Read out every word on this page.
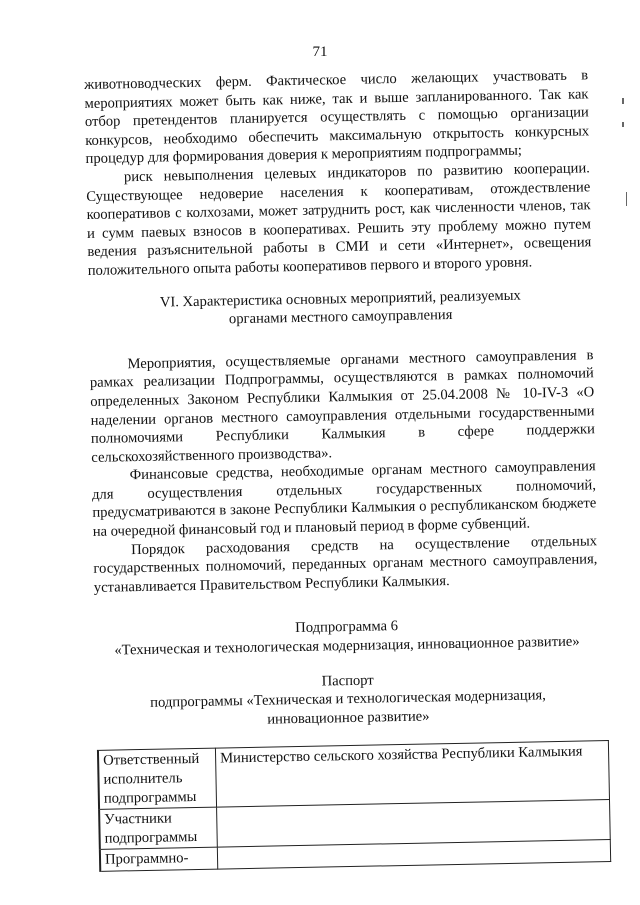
71

животноводческих ферм. Фактическое число желающих участвовать в мероприятиях может быть как ниже, так и выше запланированного. Так как отбор претендентов планируется осуществлять с помощью организации конкурсов, необходимо обеспечить максимальную открытость конкурсных процедур для формирования доверия к мероприятиям подпрограммы;

риск невыполнения целевых индикаторов по развитию кооперации. Существующее недоверие населения к кооперативам, отождествление кооперативов с колхозами, может затруднить рост, как численности членов, так и сумм паевых взносов в кооперативах. Решить эту проблему можно путем ведения разъяснительной работы в СМИ и сети «Интернет», освещения положительного опыта работы кооперативов первого и второго уровня.

VI. Характеристика основных мероприятий, реализуемых

органами местного самоуправления

Мероприятия, осуществляемые органами местного самоуправления в рамках реализации Подпрограммы, осуществляются в рамках полномочий определенных Законом Республики Калмыкия от 25.04.2008 № 10-IV-З «О наделении органов местного самоуправления отдельными государственными полномочиями Республики Калмыкия в сфере поддержки сельскохозяйственного производства».

Финансовые средства, необходимые органам местного самоуправления для осуществления отдельных государственных полномочий, предусматриваются в законе Республики Калмыкия о республиканском бюджете на очередной финансовый год и плановый период в форме субвенций.

Порядок расходования средств на осуществление отдельных государственных полномочий, переданных органам местного самоуправления, устанавливается Правительством Республики Калмыкия.

Подпрограмма 6

«Техническая и технологическая модернизация, инновационное развитие»

Паспорт

подпрограммы «Техническая и технологическая модернизация,

инновационное развитие»

Ответственный исполнитель подпрограммы	Министерство сельского хозяйства Республики Калмыкия
Участники подпрограммы	
Программно-	
